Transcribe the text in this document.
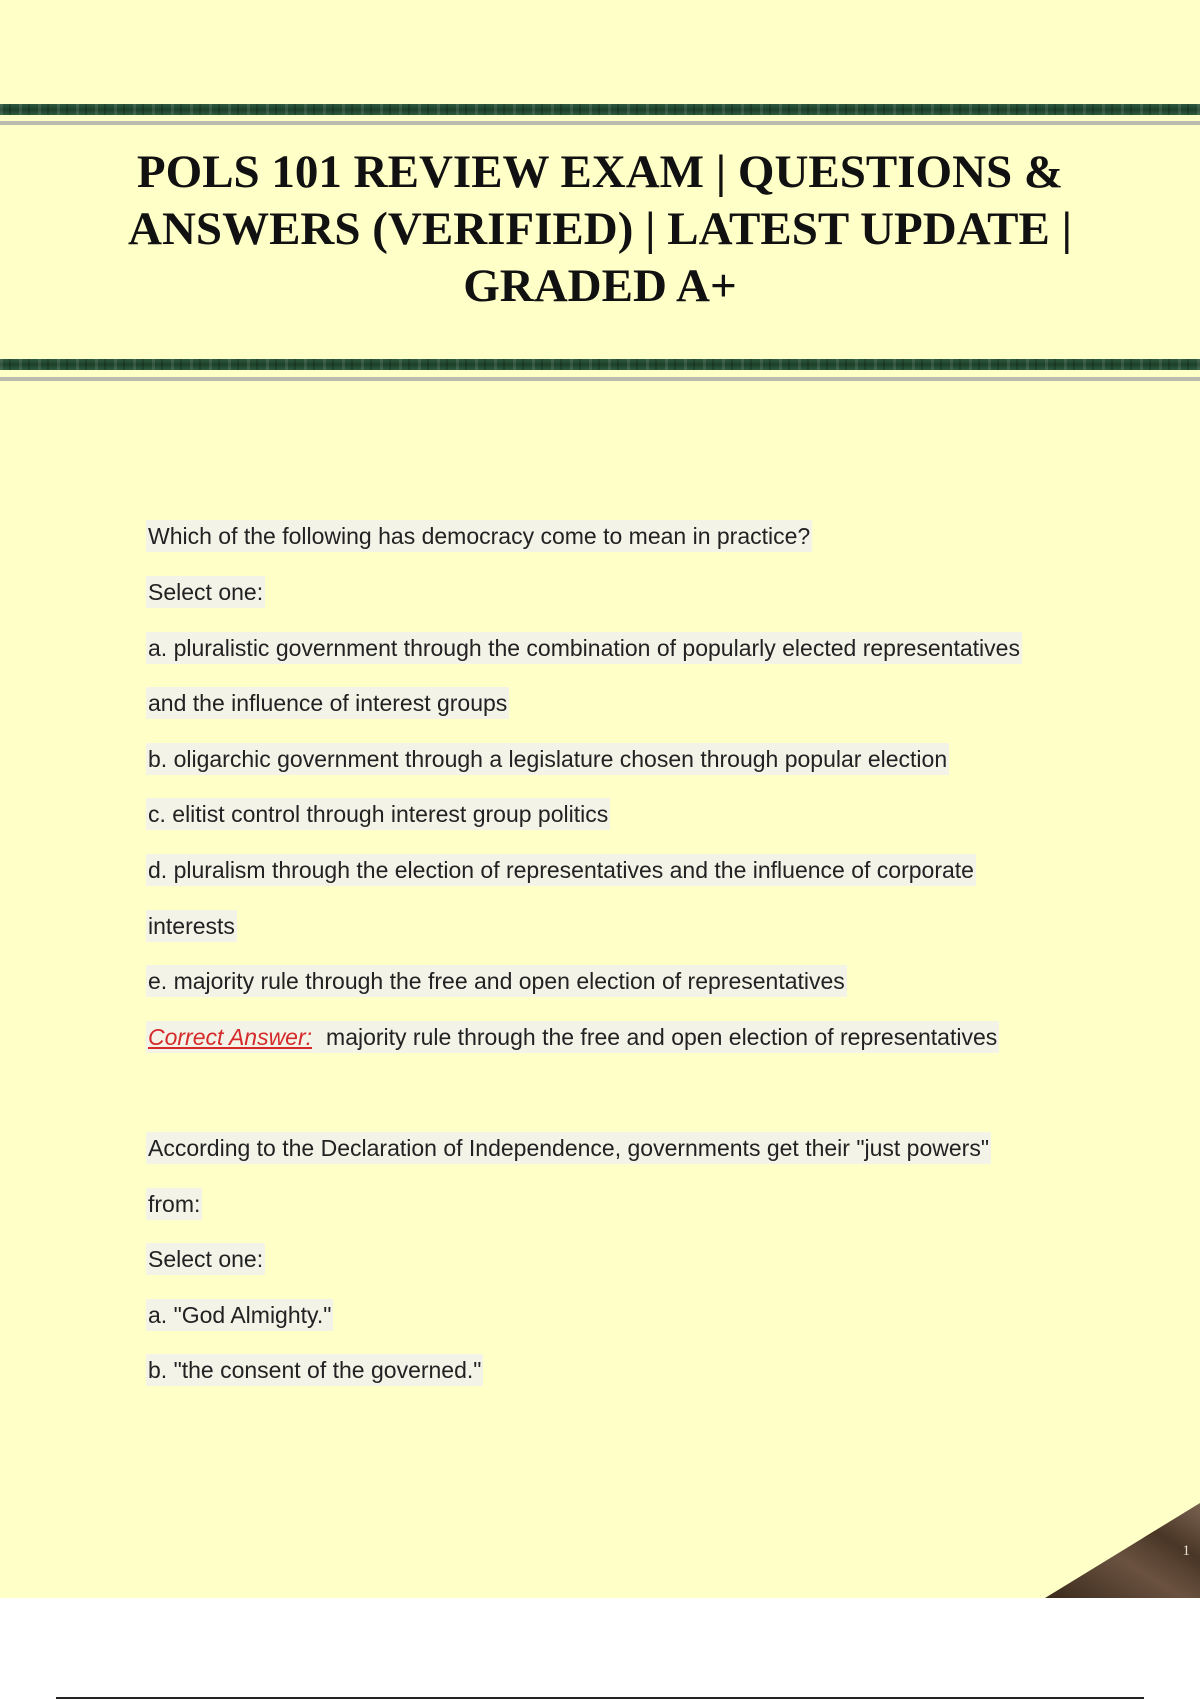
POLS 101 REVIEW EXAM | QUESTIONS & ANSWERS (VERIFIED) | LATEST UPDATE | GRADED A+
Which of the following has democracy come to mean in practice?
Select one:
a. pluralistic government through the combination of popularly elected representatives
and the influence of interest groups
b. oligarchic government through a legislature chosen through popular election
c. elitist control through interest group politics
d. pluralism through the election of representatives and the influence of corporate
interests
e. majority rule through the free and open election of representatives
Correct Answer: majority rule through the free and open election of representatives
According to the Declaration of Independence, governments get their "just powers"
from:
Select one:
a. "God Almighty."
b. "the consent of the governed."
1
